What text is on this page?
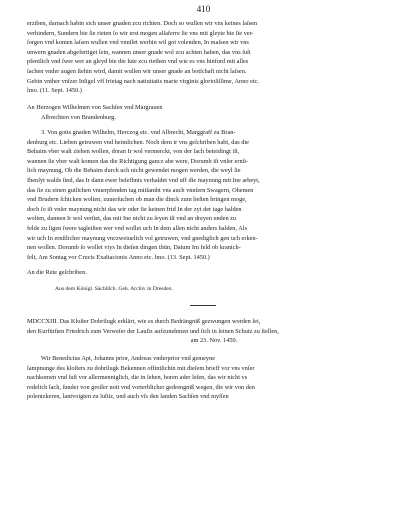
410
erziben, darnach habin sich unser gnaden zcu richten. Doch so wullen wir vns keines laſsen
verhindern, Sundern bie ſie rieten ſo wir erst mogen alſaferre ſie vns mit gleyte bie ſie ver-
ſorgen vnd komen laſsen wullen vnd vnnſſet werbin wil got volenden, In maſsen wir vns
unwern gnaden abgefertiget ſein, wannen unser gnade wol zcu achten haben, das vns ſuſt
pfentlich vnd ſwer wer an gleyd bie die lute zcu riethen vnd wie es vns hinfurd mit alles
ſachen vnder augen ſtehin wird, damit wullen wir unser gnade an botſchaft nicht laſsen.
Gebin vnther vnſzer Inſigel vff frietag nach natiuitatis marie virginis glorioſiſſime, Anno etc.
lmo. (11. Sept. 1450.)
An Herzogen Wilhelmen von Sachſen vnd Margrauen
Albrechten von Brandenburg.
3. Von gotts gnaden Wilhelm, Herczog etc. vnd Albrecht, Marggraff zu Bran-
denburg etc. Lieben getruwen vnd heimlichen. Noch dem ir vns geſchriben habt, das die
Behaim vber walt ziehen wollen, doran Ir wol vermerckt, von der ſach beteidingt iſt,
wannen ſie vber walt komen das die Richtigung gancz abe were, Dorumb iſt vnſer ernſt-
lich maynung, Ob die Behaim durch uch nicht gewendet mogen werden, die weyl ſie
Ihenſyt walds ſind, das Ir dann ewer beſefhnis verhaldet vnd uff die maynung mit Ine arbeyt,
das ſie zu einen gutlichen vnuerpfenden tag mitſambt vns auch vnnſern Swagern, Ohemen
vnd Brudern ſchicken wolten, zuuerſuchen ob man die dinck zum beſten bringen moge,
doch ſo iſt vnſer maynung nicht das wir oder ſie keinen frid In der zyt der tage halden
wolten, dannen Ir wol verſtet, das mit Ine nicht zu ſeyen iſt vnd an dreyen enden zu
felde zu ligen ſwere tagleiſten wer vnd wollet uch In dem allen nicht anders halden, Als
wir uch In ernſtlicher maynung vnczweiuelich vol getruwen, vnd gnediglich gen uch erken-
nen wollen. Dorumb ſo wollet viys In dieſen dingen thün, Datum Im feld ob kranich-
felt, Am Sontag vor Crucis Exaltacionis Anno etc. lmo. (13. Sept. 1450.)
An die Rete geſchriben.
Aus dem Königl. Sächſiſch. Geh. Archiv in Dresden.
MDCCXIII. Das Kloſter Dobrilugk erklärt, wie es durch Bedrängniß gezwungen worden ſei,
den Kurfürſten Friedrich zum Verweſer der Lauſiz aufzunehmen und ſich in ſeinen Schutz zu ſtellen,
am 23. Nov. 1450.
Wir Benedictus Apt, Johanns prior, Andreas vnderprior vnd gemeyne
ſampnunge des kloſters zu dobrilugk Bekennen offintlichin mit dieſem brieff vor vns vnſer
nachkomen vnd ſuſt vor allermenniglich, die in ſehen, horen ader leſen, das wir nicht vs
redelich ſach, ſunder von groſſer nott vnd vorterblicher gedrengniß wegen, die wir von den
polentzkeren, lantvoigten zu luſitz, und auch vſs den landen Sachſen vnd myſſen
